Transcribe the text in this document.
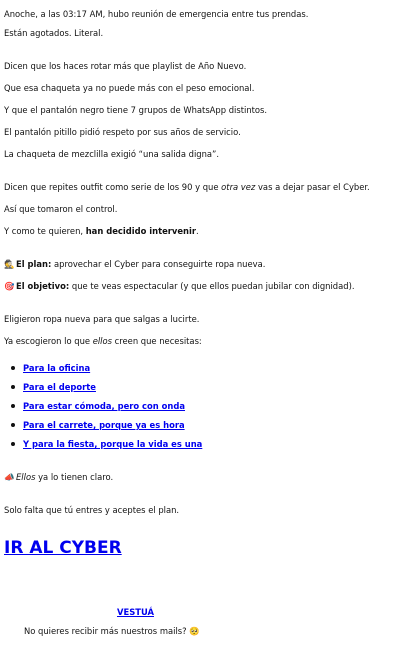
Anoche, a las 03:17 AM, hubo reunión de emergencia entre tus prendas.
Están agotados. Literal.
Dicen que los haces rotar más que playlist de Año Nuevo.
Que esa chaqueta ya no puede más con el peso emocional.
Y que el pantalón negro tiene 7 grupos de WhatsApp distintos.
El pantalón pitillo pidió respeto por sus años de servicio.
La chaqueta de mezclilla exigió “una salida digna”.
Dicen que repites outfit como serie de los 90 y que otra vez vas a dejar pasar el Cyber.
Así que tomaron el control.
Y como te quieren, han decidido intervenir.
🕵 El plan: aprovechar el Cyber para conseguirte ropa nueva.
🎯 El objetivo: que te veas espectacular (y que ellos puedan jubilar con dignidad).
Eligieron ropa nueva para que salgas a lucirte.
Ya escogieron lo que ellos creen que necesitas:
Para la oficina
Para el deporte
Para estar cómoda, pero con onda
Para el carrete, porque ya es hora
Y para la fiesta, porque la vida es una
📣 Ellos ya lo tienen claro.
Solo falta que tú entres y aceptes el plan.
IR AL CYBER
VESTUÁ
No quieres recibir más nuestros mails? 🥺
